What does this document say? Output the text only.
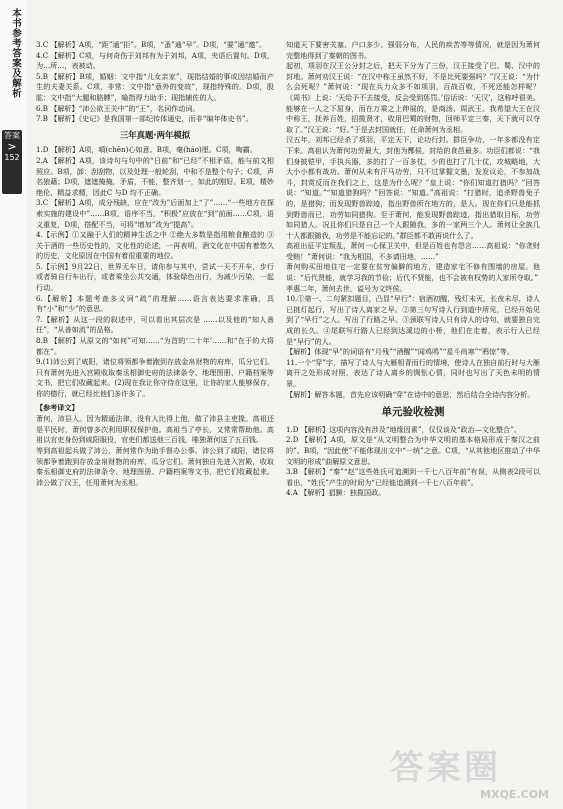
本书参考答案及解析
答案
>
152

3.C 【解析】A项，“距”通“拒”。B项，“蚤”通“早”。D项，“要”通“邀”。

4.C 【解析】C项，与何奇伤于刘邦有为于刘邦，A项，夹语后置句。D项，为…所…，表被动。

5.B 【解析】B项，婚姻：文中指“儿女亲家”，现指结婚的事或因结婚而产生的夫妻关系。C项，非常：文中指“意外的变故”，现指特殊的。D项，股肱：文中指“大腿和胳膊”，喻指得力助手；现指辅佐的人。

6.B 【解析】“沛公欲王关中”的“王”，名词作动词。

7.B 【解析】《史记》是我国第一部纪传体通史，而非“编年体史书”。

三年真题·两年模拟

1.D 【解析】A项，嗔(chēn)心如意。B项，毫(háo)厘。C项，啕霸。

2.A 【解析】A项，该诗句与句中的“日前”和“已经”不相矛盾，能与前文相照应。B项，卸：刮刮物，以及处理一般轮刮，中和不是整个句子；C项，声名狼藉；D项，遮遮掩掩，矛盾，不能，整齐划一，如此的刚好。E项，精妙绝伦，精益求精，因此C 与D 均不正确。

3.C 【解析】A项，成分残缺，应在“改为”后面加上“了”……“一些地方在探索实施的建设中”……B项，语序不当，“积极”应放在“到”前面……C项，语义重复，D项，搭配不当，可将“增加”改为“提高”。

4.【示例】①又融于人们的精神生活之中 ②绝大多数是指用粮食酿造的 ③关于酒的一些历史性的，文化性的论述，一再表明，酒文化在中国有着悠久的历史，文化原因在中国有着很重要的地位。

5.【示例】9月22日，世界无车日，请你参与其中，尝试一天不开车，步行或者骑自行车出行，或者乘坐公共交通，体验绿色出行，为减少污染，一起行动。

6.【解析】本题考查多义词“疏”的理解……语言表达要求准确，具有“小”和“少”的意思。

7.【解析】从这一段的叙述中，可以看出其层次是 ……以及他的“知人善任”，“从善如流”的品格。

8.B 【解析】从原文的“如何”可知……“为首的‘二十年’……和“在于的大将都在”。

9.(1)沛公到了咸阳，诸位将领都争着跑到存放金帛财物的府库，瓜分它们。只有萧何先进入宫殿收取秦丞相御史府的法律条令、地理图册、户籍档案等文书，把它们收藏起来。(2)现在我让你守侍在这里，让你的家人能够保存，你的德行，就已经比他们多许多了。

【参考译文】

萧何，沛县人。因为精通法律，没有人比得上他，做了沛县主吏掾。高祖还是平民时，萧何曾多次利用职权保护他。高祖当了亭长，又常常帮助他。高祖以官吏身份到咸阳服役，官吏们都送他三百钱，唯独萧何送了五百钱。

等到高祖起兵做了沛公，萧何常作为助手督办公事。沛公到了咸阳，诸位将领都争着跑到存放金帛财物的府库，瓜分它们。萧何独自先进入宫殿，收取秦丞相御史府的法律条令、地理图册、户籍档案等文书，把它们收藏起来。沛公做了汉王，任用萧何为丞相。

知道天下要害关塞、户口多少、强弱分布，人民的疾苦等等情况，就是因为萧何完整地得到了秦朝的图书。

起初，项羽在汉王公分封之后，把天下分为了三份，汉王接受了巴、蜀、汉中的封地。萧何劝汉王说：“在汉中称王虽然不好，不是比死要强吗？”汉王说：“为什么会死呢？”萧何说：“现在兵力众多不如项羽，百战百败，不死还能怎样呢？《周书》上说：‘天给予不去接受，反会受到惩罚。’俗话说：‘天汉’，这称呼很美。能够在一人之下屈身，而在万乘之上伸展的，是商汤、周武王。我希望大王在汉中称王，抚养百姓，招揽贤才，收用巴蜀的财物，回师平定三秦，天下就可以夺取了。”汉王说：“好。”于是去封国就任，任命萧何为丞相。

汉五年，刘邦已经杀了项羽，平定天下，论功行封。群臣争功，一年多都没有定下来。高祖认为萧何功劳最大，封他为酂侯，封给的食邑最多。功臣们都说：“我们身披铠甲，手执兵器，多的打了一百多仗，少的也打了几十仗，攻城略地，大大小小都有战功。萧何从未有汗马功劳，只不过掌握文墨，发发议论，不参加战斗，封赏反而在我们之上，这是为什么呢？”皇上说：“你们知道打猎吗？”回答说：“知道。”“知道猎狗吗？”回答说：“知道。”高祖说：“打猎时，追杀野兽兔子的，是猎狗；而发现野兽踪迹，指出野兽所在地方的，是人。现在你们只是能抓到野兽而已，功劳如同猎狗。至于萧何，能发现野兽踪迹，指出猎取目标，功劳如同猎人。况且你们只是自己一个人跟随我，多的一家两三个人。萧何让全族几十人都跟随我，功劳是不能忘记的。”群臣都不敢再说什么了。

高祖出征平定叛乱，萧何一心保卫关中，但是百姓也有怨言……高祖说：“你贪财受贿！”萧何说：“我为相国，不多请田地，……”

萧何购买田地住宅一定要在贫穷偏僻的地方，建造家宅不修有围墙的房屋。他说：“后代贤能，就学习我的节俭；后代不贤能，也不会被有权势的人家所夺取。”

孝惠二年，萧何去世，谥号为文终侯。

10.①第一、二句紧扣题目，凸显“早行”：宿酒初醒，残灯未灭，长夜未尽，诗人已挑灯起行，写出了诗人离家之早。②第三句写诗人行到道中所见，已经开始见到了“早行”之人。写出了行路之早。③颈联写诗人只有诗人的诗句，就要独自完成的长久。④尾联写行路人已经到达溪边的小桥，他们在走着，表示行人已经是“早行”的人。

【解析】体现“早”的词语有“月残”“酒醒”“闻鸡鸣”“星斗尚寒”“鸦惊”等。

11.一个“穿”字，描写了诗人与大雁相背而行的情境，使诗人在独自前行时与大雁离开之处形成对照，表达了诗人离乡的惆怅心情，同时也写出了天色未明的情景。

【解析】解答本题，首先应该明确“穿”在诗中的意思，然后结合全诗内容分析。

单元验收检测

1.D 【解析】这项内容没有涉及“地缘因素”，仅仅谈及“政治—文化整合”。

2.D 【解析】A项，原文是“从文明整合为中华文明的基本格局形成于秦汉之前的”。B项，“因此使”不能体现出文中“一统”之意。C项，“从其他地区推动了中华文明的形成”曲解原文意思。

3.B 【解析】“秦”“赵”这些姓氏可追溯到一千七八百年前”有误，从侧表2段可以看出，“姓氏”产生的时间为“已经能追溯到一千七八百年前”。

4.A 【解析】猖獗：独揽国政。

答案圈
MXQE.COM
